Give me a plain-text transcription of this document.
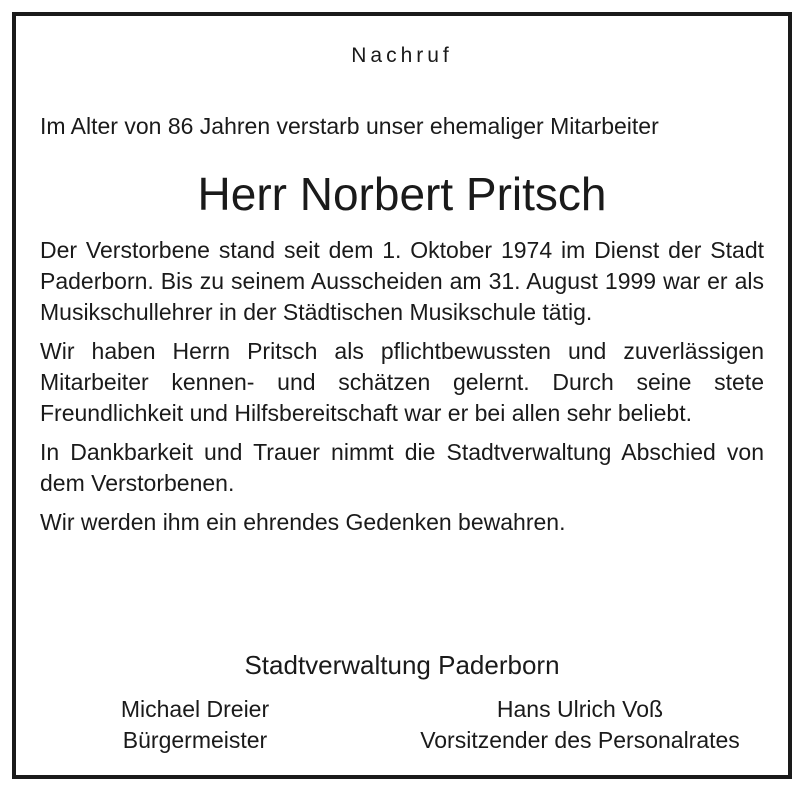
Nachruf
Im Alter von 86 Jahren verstarb unser ehemaliger Mitarbeiter
Herr Norbert Pritsch

Der Verstorbene stand seit dem 1. Oktober 1974 im Dienst der Stadt Paderborn. Bis zu seinem Ausscheiden am 31. August 1999 war er als Musikschullehrer in der Städtischen Musikschule tätig.

Wir haben Herrn Pritsch als pflichtbewussten und zuverlässigen Mitarbeiter kennen- und schätzen gelernt. Durch seine stete Freundlichkeit und Hilfsbereitschaft war er bei allen sehr beliebt.

In Dankbarkeit und Trauer nimmt die Stadtverwaltung Abschied von dem Verstorbenen.

Wir werden ihm ein ehrendes Gedenken bewahren.

Stadtverwaltung Paderborn
Michael Dreier
Bürgermeister
Hans Ulrich Voß
Vorsitzender des Personalrates
